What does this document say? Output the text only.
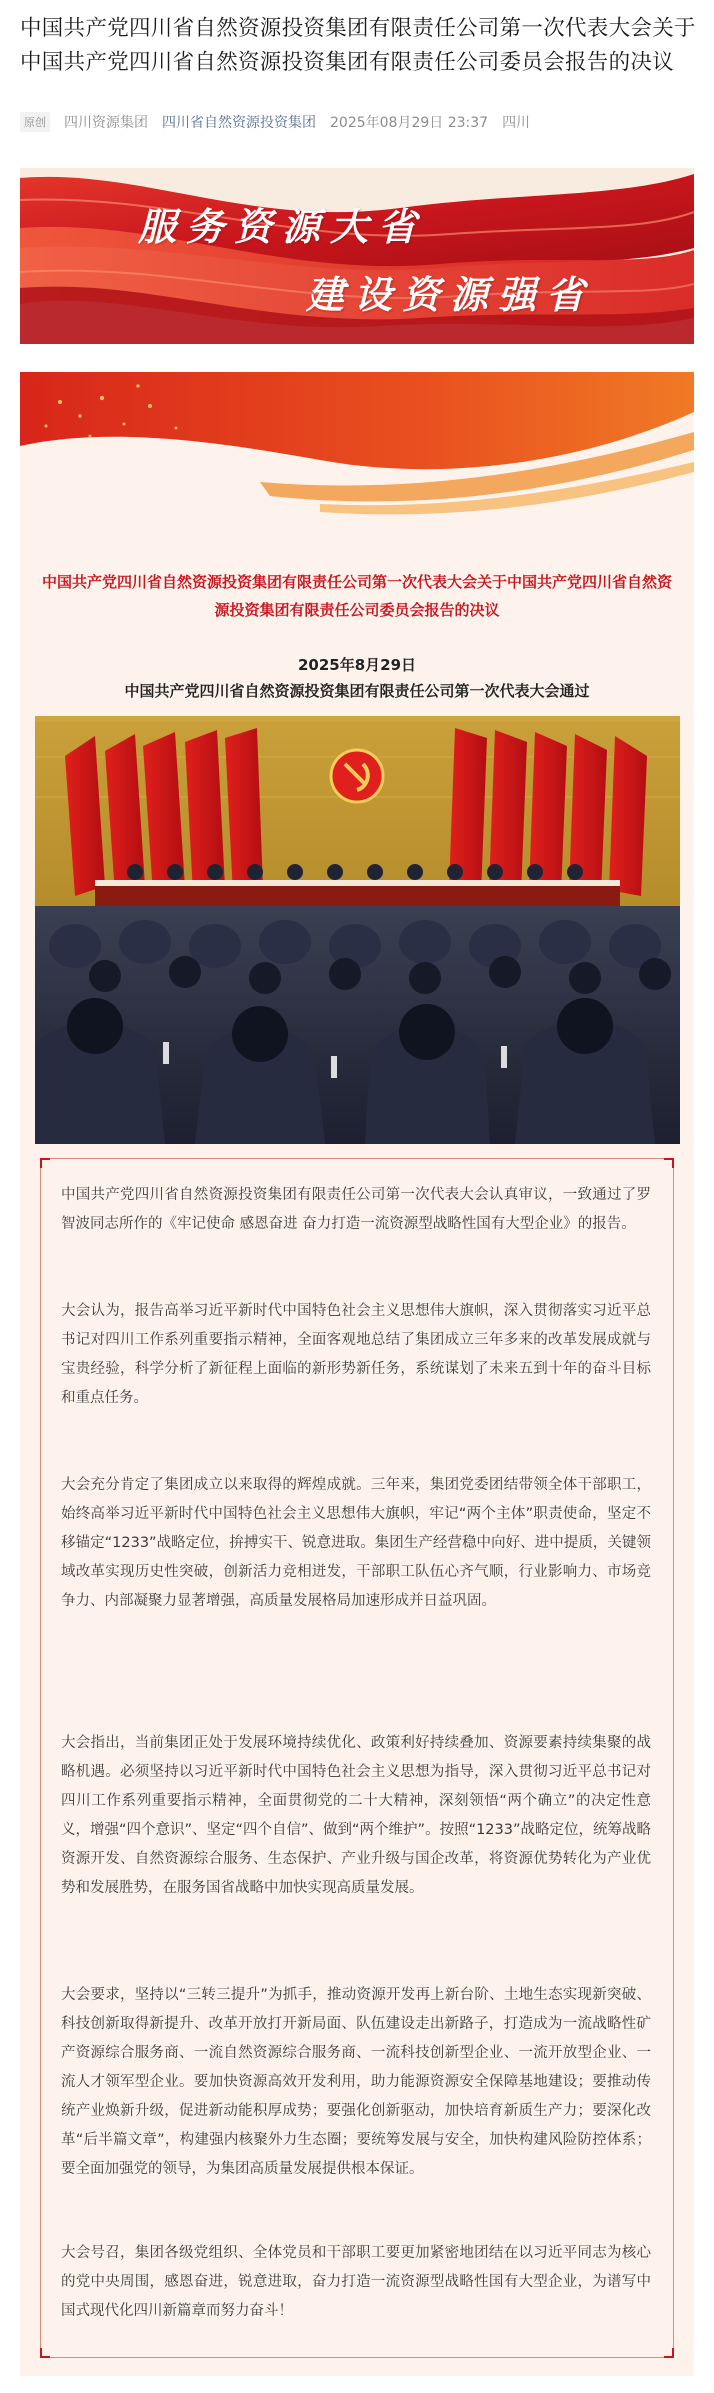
中国共产党四川省自然资源投资集团有限责任公司第一次代表大会关于中国共产党四川省自然资源投资集团有限责任公司委员会报告的决议
原创 四川资源集团 四川省自然资源投资集团 2025年08月29日 23:37 四川
服务资源大省
建设资源强省
中国共产党四川省自然资源投资集团有限责任公司第一次代表大会关于中国共产党四川省自然资源投资集团有限责任公司委员会报告的决议
2025年8月29日
中国共产党四川省自然资源投资集团有限责任公司第一次代表大会通过

中国共产党四川省自然资源投资集团有限责任公司第一次代表大会认真审议，一致通过了罗智波同志所作的《牢记使命 感恩奋进 奋力打造一流资源型战略性国有大型企业》的报告。

大会认为，报告高举习近平新时代中国特色社会主义思想伟大旗帜，深入贯彻落实习近平总书记对四川工作系列重要指示精神，全面客观地总结了集团成立三年多来的改革发展成就与宝贵经验，科学分析了新征程上面临的新形势新任务，系统谋划了未来五到十年的奋斗目标和重点任务。

大会充分肯定了集团成立以来取得的辉煌成就。三年来，集团党委团结带领全体干部职工，始终高举习近平新时代中国特色社会主义思想伟大旗帜，牢记“两个主体”职责使命，坚定不移锚定“1233”战略定位，拚搏实干、锐意进取。集团生产经营稳中向好、进中提质，关键领域改革实现历史性突破，创新活力竞相迸发，干部职工队伍心齐气顺，行业影响力、市场竞争力、内部凝聚力显著增强，高质量发展格局加速形成并日益巩固。

大会指出，当前集团正处于发展环境持续优化、政策利好持续叠加、资源要素持续集聚的战略机遇。必须坚持以习近平新时代中国特色社会主义思想为指导，深入贯彻习近平总书记对四川工作系列重要指示精神，全面贯彻党的二十大精神，深刻领悟“两个确立”的决定性意义，增强“四个意识”、坚定“四个自信”、做到“两个维护”。按照“1233”战略定位，统筹战略资源开发、自然资源综合服务、生态保护、产业升级与国企改革，将资源优势转化为产业优势和发展胜势，在服务国省战略中加快实现高质量发展。

大会要求，坚持以“三转三提升”为抓手，推动资源开发再上新台阶、土地生态实现新突破、科技创新取得新提升、改革开放打开新局面、队伍建设走出新路子，打造成为一流战略性矿产资源综合服务商、一流自然资源综合服务商、一流科技创新型企业、一流开放型企业、一流人才领军型企业。要加快资源高效开发利用，助力能源资源安全保障基地建设；要推动传统产业焕新升级，促进新动能积厚成势；要强化创新驱动，加快培育新质生产力；要深化改革“后半篇文章”，构建强内核聚外力生态圈；要统筹发展与安全，加快构建风险防控体系；要全面加强党的领导，为集团高质量发展提供根本保证。

大会号召，集团各级党组织、全体党员和干部职工要更加紧密地团结在以习近平同志为核心的党中央周围，感恩奋进，锐意进取，奋力打造一流资源型战略性国有大型企业，为谱写中国式现代化四川新篇章而努力奋斗！
